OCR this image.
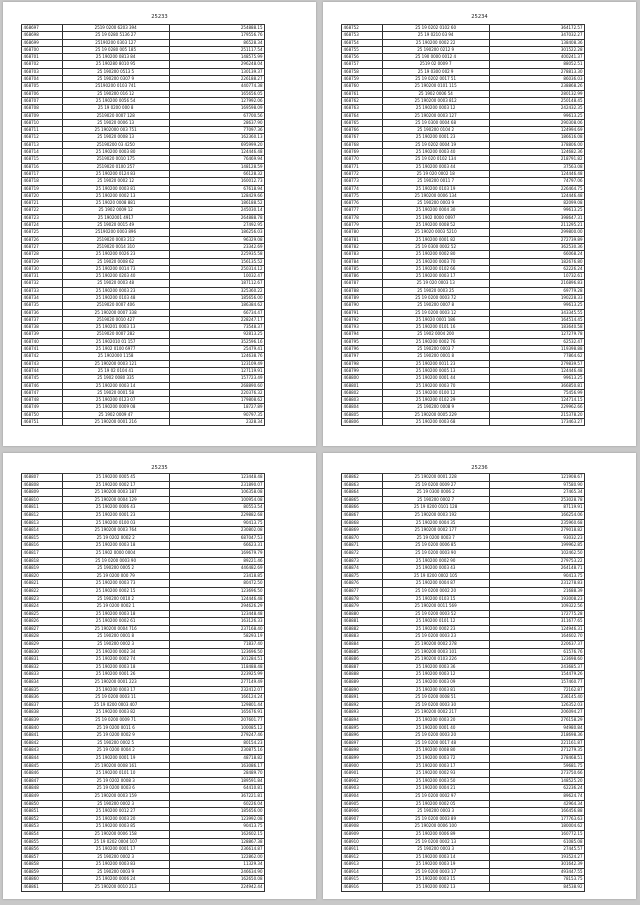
25233
468697	2519 0200 6203 394	254888.15
468698	25 19 0280 5136 27	179556.76
468699	25190200 0303 127	86528.34
468700	25 19 0280 005 185	251117.54
468701	25 190200 0813 84	148575.99
468702	25 190280 8010 95	296248.04
468703	25 190200 0513 5	130139.37
468704	25 190200 0307 9	226188.27
468705	25190200 0103 741	440774.38
468706	25 190200 016 12	165656.05
468707	25 190200 0056 54	127992.06
468708	25 19 0200 000 8	169598.09
468709	2519020 0007 128	67700.56
468710	25 19020 0006 13	28637.90
468711	25 1902000 003 751	77097.36
468712	25 19020 0008 13	162360.13
468713	25190200 03 4250	695999.20
468714	25 190200 0003 80	124446.48
468715	2519020 0010 175	76469.94
468716	2519020 0100 257	148128.59
468717	25 190200 0124 83	66128.32
468718	25 19020 0002 12	160012.73
468719	25 190200 0003 81	67618.94
468720	25 190200 0002 13	128429.66
468721	25 19020 0008 881	186188.52
468722	25 1902 0009 12	245030.14
468723	25 1902001 4917	264888.78
468724	25 19020 0015 49	27492.95
468725	25190200 0003 896	186256.03
468726	2519020 0003 212	96329.08
468727	2519020 0014 310	23342.69
468728	25 190200 0026 23	225935.58
468729	25 19020 0008 62	156135.52
468730	25 190200 0014 73	250314.12
468731	25 190200 0203 40	10032.47
468732	25 19020 0003 48	187112.67
468733	25 190200 0003 23	325360.22
468734	25 190200 0103 48	185656.00
468735	2519020 0007 406	186384.62
468736	25 190200 0007 338	66734.47
468737	2519020 0010 427	228247.17
468738	25 190201 0003 13	73548.37
468739	2519020 0007 282	92813.25
468740	25 1902010 01 157	352596.16
468741	25 1902 0100 6977	25479.41
468742	25 1902000 1158	124638.76
468743	25 190200 0003 121	123109.49
468744	25 19 02 0104 41	127119.91
468745	25 1902 0080 335	157723.49
468746	25 190200 0003 14	268890.60
468747	25 19020 0001 58	220376.32
468748	25 190200 0123 07	179808.62
468749	25 190200 0009 08	18727.89
468750	25 1902 0009 47	90797.35
468751	25 190200 0001 216	2328.34
25234
468752	25 19 0202 0102 60	364172.57
468753	25 19 0210 03 94	347032.27
468754	25 190200 0002 22	138408.36
468755	25 190200 0212 9	301522.28
468756	25 190 0000 0012 4	400241.37
468757	2519 02 0009 7	88052.51
468758	25 19 0300 002 9	278813.30
468759	25 19 0202 0017 51	86036.03
468760	25 190200 0101 115	238868.26
468761	25 1902 0006 54	280132.99
468762	25 190200 0003 812	250148.45
468763	25 190200 0003 12	242432.35
468764	25 190200 0003 127	99613.25
468765	25 19 0300 0004 68	290308.06
468766	25 190200 0104 2	124994.69
468767	25 190200 0001 23	186616.08
468768	25 19 0202 0004 19	378806.00
468769	25 190200 0003 40	124682.36
468770	25 19 020 0102 134	218791.82
468771	25 190200 0003 44	37563.08
468772	25 19 020 0002 18	124446.48
468773	25 190200 0011 7	74797.06
468774	25 190200 0103 19	226464.75
468775	25 190200 0006 134	124446.48
468776	25 190200 0003 9	82099.08
468777	25 190200 0004 30	99613.25
468778	25 1902 0000 0097	398647.31
468779	25 190200 0008 52	211295.21
468780	25 19020 0003 5210	299800.00
468781	25 190200 0001 82	272739.89
468782	25 19 0300 0002 52	362530.36
468783	25 190200 0002 80	66068.24
468784	25 190200 0003 70	182676.80
468785	25 190200 0102 66	62226.24
468786	25 190200 0003 17	10732.61
468787	25 19 020 0003 13	216896.83
468788	25 19020 0003 25	69779.28
468789	25 19 0200 0003 72	190228.33
468790	25 190200 0007 8	99613.25
468791	25 19 0200 0003 12	343345.55
468792	25 19020 0001 186	164514.45
468793	25 190200 0101 16	183640.58
468794	25 1902 0004 200	127279.78
468795	25 190200 0002 76	62532.47
468796	25 190200 0003 7	119398.88
468797	25 190200 0001 8	77864.62
468798	25 190200 0011 23	279839.57
468799	25 190200 0005 13	124446.48
468800	25 190200 0001 44	99613.25
468801	25 190200 0003 70	366850.81
468802	25 190200 0100 12	75456.99
468803	25 190200 0102 29	124714.15
468804	25 190200 0008 9	229962.66
468805	25 190200 0005 229	215378.20
468806	25 190200 0003 68	173463.27
25235
468807	25 190200 0005 45	123448.48
468808	25 190200 0002 17	231890.07
468809	25 190200 0003 187	106358.08
468810	25 190200 0004 129	100954.08
468811	25 190200 0006 43	80553.54
468812	25 190200 0001 23	229882.68
468813	25 190200 0100 03	90413.75
468814	25 190200 0003 764	230802.08
468815	25 19 0202 0002 2	687047.53
468816	25 190200 0003 18	66623.31
468817	25 1902 0000 0004	169679.79
468818	25 19 0200 0003 90	89221.46
468819	25 190200 0005 2	446482.69
468820	25 19 0200 000 79	23418.85
468821	25 190200 0003 73	80472.50
468822	25 190200 0002 15	123696.50
468823	25 190200 0010 2	124446.48
468824	25 19 0200 0002 1	294626.29
468825	25 190200 0003 18	123448.48
468826	25 190200 0002 61	163126.33
468827	25 190200 0004 716	237168.40
468828	25 190200 0001 8	58293.19
468829	25 190200 0002 3	71837.40
468830	25 190200 0002 34	123696.50
468831	25 190200 0002 74	301284.51
468832	25 190200 0003 18	118488.48
468833	25 190200 0001 26	223925.99
468834	25 190200 0001 223	277149.49
468835	25 190200 0003 17	232412.07
468836	25 19 0200 0003 11	166124.24
468837	25 19 0200 0003 407	129801.44
468838	25 190200 0003 82	165676.91
468839	25 19 0200 0009 71	207601.77
468840	25 19 0200 0011 6	100085.12
468841	25 19 0200 0002 9	279247.46
468842	25 190200 0002 5	80154.23
468843	25 19 0200 0004 2	230875.16
468844	25 190200 0001 19	48718.82
468845	25 190200 0008 161	163086.17
468846	25 190200 0101 10	28489.70
468847	25 19 0202 0008 3	189591.84
468848	25 19 0200 0003 6	64410.81
468849	25 190200 0003 159	367221.81
468850	25 190200 0002 3	60226.04
468851	25 190200 0012 27	185656.00
468852	25 190200 0003 20	123992.08
468853	25 190200 0003 85	90413.75
468854	25 190200 0006 158	162602.15
468855	25 19 0202 0004 107	128867.38
468856	25 190200 0001 17	236614.87
468857	25 190200 0002 3	122862.00
468858	25 190200 0003 83	11329.34
468859	25 190200 0003 9	246634.90
468860	25 190200 0006 24	162650.08
468861	25 190200 0010 213	224942.44
25236
468862	25 190200 0001 228	121908.67
468863	25 19 0200 0009 27	97580.90
468864	25 19 0300 0006 2	27465.34
468865	25 190200 0002 7	253028.78
468866	25 19 0200 0101 128	87119.91
468867	25 190200 0003 192	166254.06
468868	25 190200 0004 35	235960.68
468869	25 190200 0002 177	279018.82
468870	25 19 0200 0003 7	93032.23
468871	25 19 0200 0006 85	199962.85
468872	25 19 0200 0003 90	102462.50
468873	25 190200 0002 90	279753.22
468874	25 190200 0003 43	264148.71
468875	25 19 0200 0002 105	90413.75
468876	25 190200 0004 87	231278.83
468877	25 19 0200 0002 20	21688.39
468878	25 190200 0103 15	193008.23
468879	25 190200 0011 569	109322.56
468880	25 19 0200 0003 52	172775.28
468881	25 190200 0101 12	311677.65
468882	25 190200 0002 23	124946.31
468883	25 19 0200 0003 23	164602.70
468884	25 190200 0002 278	220637.37
468885	25 190200 0003 101	61576.76
468886	25 190200 0103 226	123698.60
468887	25 190200 0003 36	243685.37
468888	25 190200 0003 12	154479.26
468889	25 190200 0003 09	157460.77
468890	25 190200 0003 81	72162.87
468891	25 19 0200 0008 51	236145.40
468892	25 19 0200 0003 30	126352.03
468893	25 190200 0002 217	206094.27
468894	25 190200 0003 20	276158.29
468895	25 190200 0001 40	94980.84
468896	25 19 0200 0003 20	218698.36
468897	25 19 0200 0017 48	221161.87
468898	25 190200 0008 80	271279.35
468899	25 190200 0003 72	278468.51
468900	25 190200 0003 17	59681.75
468901	25 190200 0002 93	273750.66
468902	25 190200 0003 50	148525.20
468903	25 190200 0004 21	62236.24
468904	25 19 0200 0002 97	89624.74
468905	25 190200 0002 05	42964.34
468906	25 190200 0003 3	166456.88
468907	25 19 0200 0003 89	177763.63
468908	25 190200 0006 100	180004.62
468909	25 190200 0006 89	160772.15
468910	25 19 0200 0002 13	61085.08
468911	25 190200 0003 3	27445.57
468912	25 190200 0003 14	193524.27
468913	25 190200 0003 19	301642.39
468914	25 19 0200 0003 17	493447.55
468915	25 190200 0003 15	78153.75
468916	25 190200 0002 13	84538.92
